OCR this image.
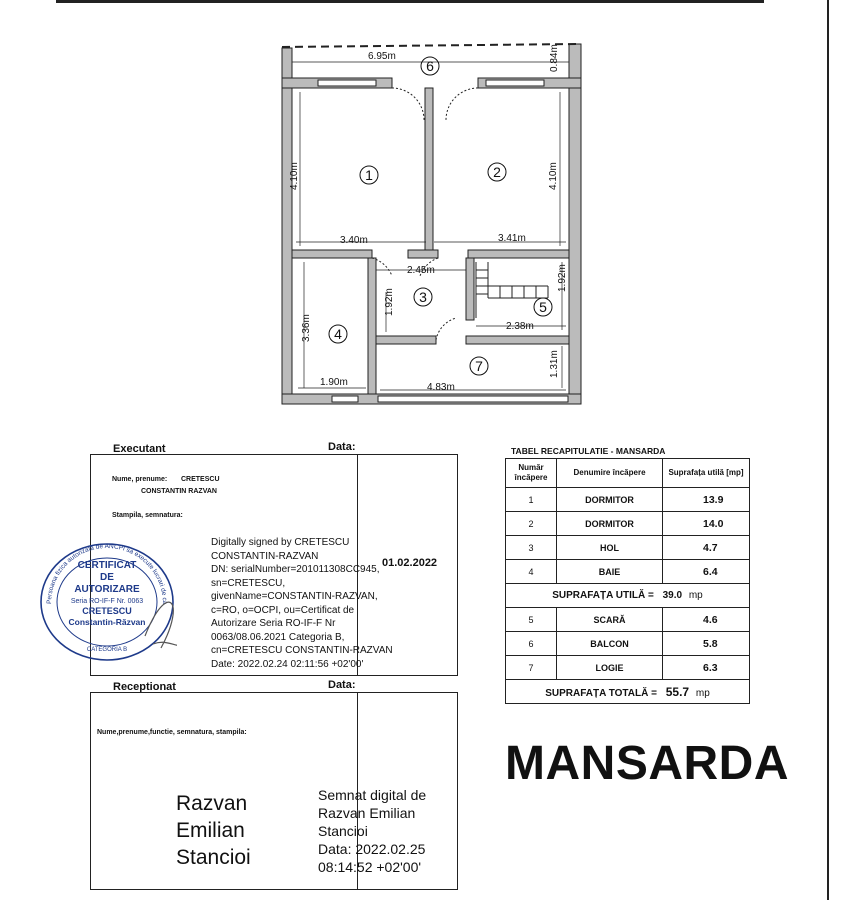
6.95m	0.84m
4.10m	4.10m
3.40m	3.41m
2.45m	1.92m
1.92m
2.38m
3.36m
1.90m	4.83m
1.31m
6
1	2
3
4
5
7
Executant	Data:
Nume, prenume: CRETESCU
CONSTANTIN RAZVAN
Stampila, semnatura:
Digitally signed by CRETESCU
CONSTANTIN-RAZVAN
DN: serialNumber=201011308CC945,
sn=CRETESCU,
givenName=CONSTANTIN-RAZVAN,
c=RO, o=OCPI, ou=Certificat de
Autorizare Seria RO-IF-F Nr
0063/08.06.2021 Categoria B,
cn=CRETESCU CONSTANTIN-RAZVAN
Date: 2022.02.24 02:11:56 +02'00'
01.02.2022
Persoana fizica autorizata de ANCPI sa execute lucrari de ca
CERTIFICAT
DE
AUTORIZARE
Seria RO-IF-F Nr. 0063
CRETESCU
Constantin-Răzvan
CATEGORIA B
Receptionat	Data:
Nume,prenume,functie, semnatura, stampila:
Razvan
Emilian
Stancioi
Semnat digital de
Razvan Emilian
Stancioi
Data: 2022.02.25
08:14:52 +02'00'
TABEL RECAPITULATIE - MANSARDA
Număr încăpere	Denumire încăpere	Suprafața utilă [mp]
1	DORMITOR	13.9
2	DORMITOR	14.0
3	HOL	4.7
4	BAIE	6.4
SUPRAFAȚA UTILĂ = 39.0 mp		
5	SCARĂ	4.6
6	BALCON	5.8
7	LOGIE	6.3
SUPRAFAȚA TOTALĂ = 55.7 mp		
MANSARDA
